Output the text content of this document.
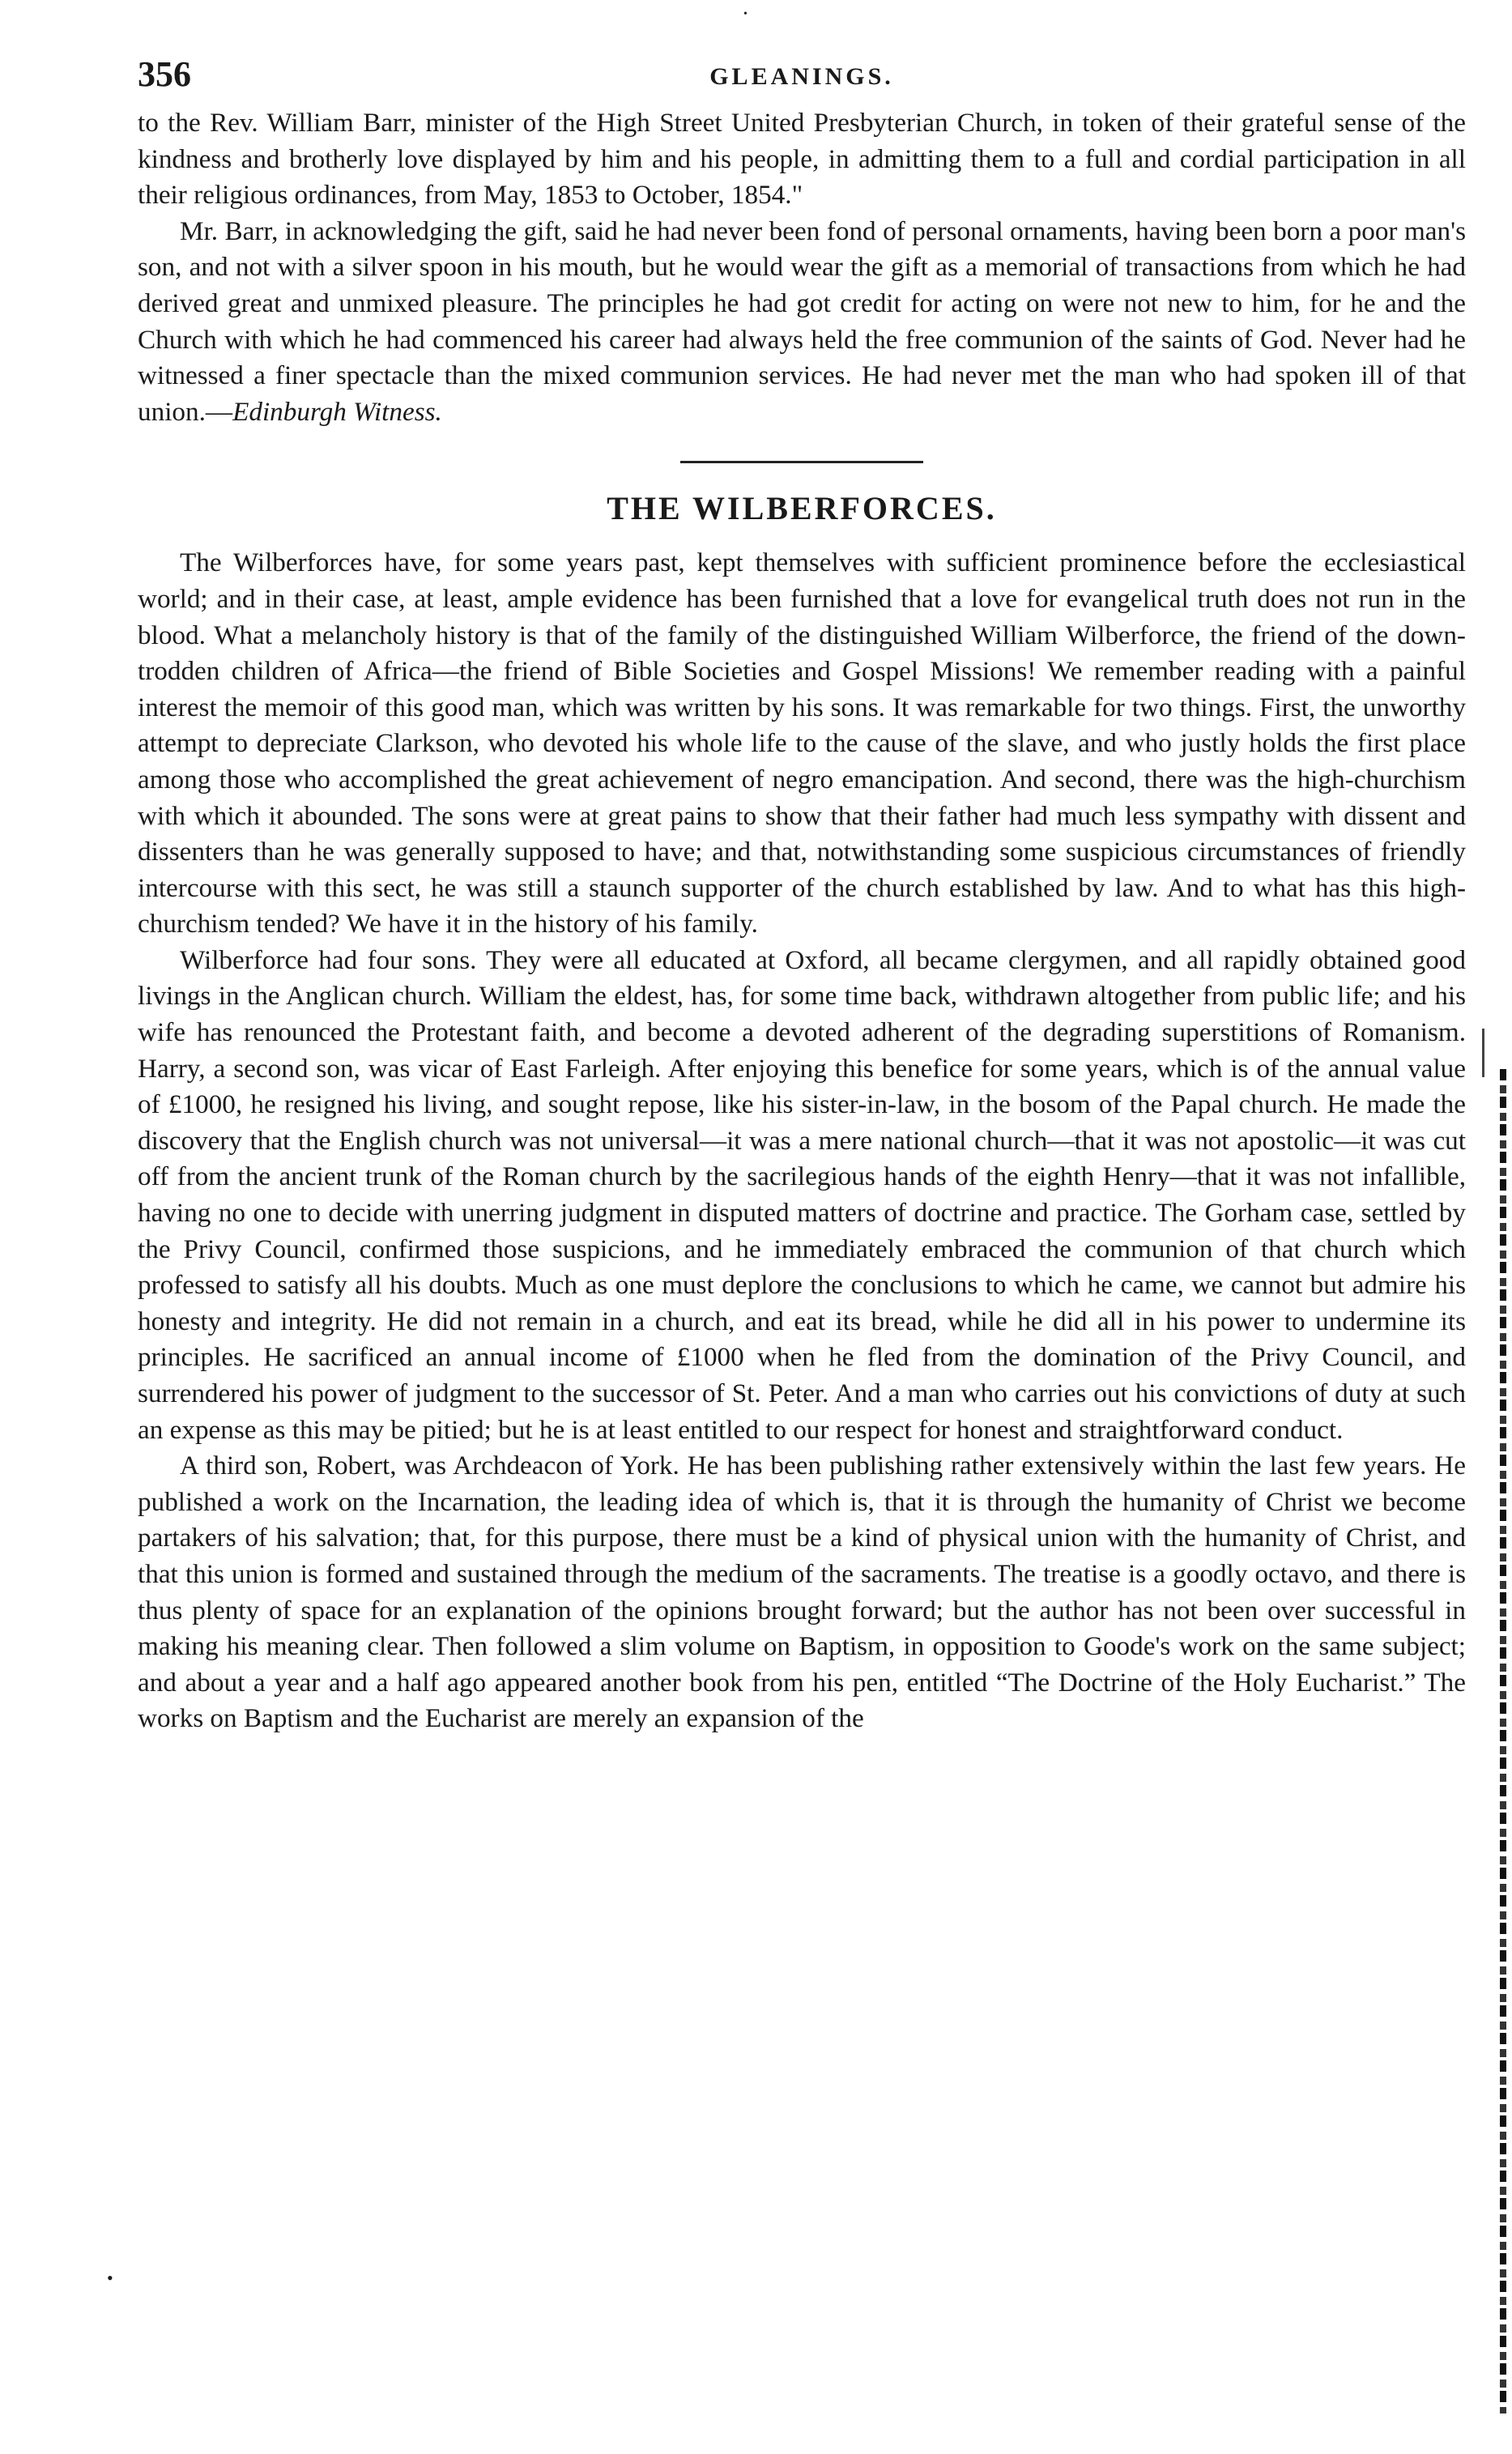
•
•
356	GLEANINGS.

to the Rev. William Barr, minister of the High Street United Presbyterian Church, in token of their grateful sense of the kindness and brotherly love displayed by him and his people, in admitting them to a full and cordial participation in all their religious ordinances, from May, 1853 to October, 1854."

Mr. Barr, in acknowledging the gift, said he had never been fond of personal ornaments, having been born a poor man's son, and not with a silver spoon in his mouth, but he would wear the gift as a memorial of transactions from which he had derived great and unmixed pleasure. The principles he had got credit for acting on were not new to him, for he and the Church with which he had commenced his career had always held the free communion of the saints of God. Never had he witnessed a finer spectacle than the mixed communion services. He had never met the man who had spoken ill of that union.—Edinburgh Witness.

THE WILBERFORCES.

The Wilberforces have, for some years past, kept themselves with sufficient prominence before the ecclesiastical world; and in their case, at least, ample evidence has been furnished that a love for evangelical truth does not run in the blood. What a melancholy history is that of the family of the distinguished William Wilberforce, the friend of the down-trodden children of Africa—the friend of Bible Societies and Gospel Missions! We remember reading with a painful interest the memoir of this good man, which was written by his sons. It was remarkable for two things. First, the unworthy attempt to depreciate Clarkson, who devoted his whole life to the cause of the slave, and who justly holds the first place among those who accomplished the great achievement of negro emancipation. And second, there was the high-churchism with which it abounded. The sons were at great pains to show that their father had much less sympathy with dissent and dissenters than he was generally supposed to have; and that, notwithstanding some suspicious circumstances of friendly intercourse with this sect, he was still a staunch supporter of the church established by law. And to what has this high-churchism tended? We have it in the history of his family.

Wilberforce had four sons. They were all educated at Oxford, all became clergymen, and all rapidly obtained good livings in the Anglican church. William the eldest, has, for some time back, withdrawn altogether from public life; and his wife has renounced the Protestant faith, and become a devoted adherent of the degrading superstitions of Romanism. Harry, a second son, was vicar of East Farleigh. After enjoying this benefice for some years, which is of the annual value of £1000, he resigned his living, and sought repose, like his sister-in-law, in the bosom of the Papal church. He made the discovery that the English church was not universal—it was a mere national church—that it was not apostolic—it was cut off from the ancient trunk of the Roman church by the sacrilegious hands of the eighth Henry—that it was not infallible, having no one to decide with unerring judgment in disputed matters of doctrine and practice. The Gorham case, settled by the Privy Council, confirmed those suspicions, and he immediately embraced the communion of that church which professed to satisfy all his doubts. Much as one must deplore the conclusions to which he came, we cannot but admire his honesty and integrity. He did not remain in a church, and eat its bread, while he did all in his power to undermine its principles. He sacrificed an annual income of £1000 when he fled from the domination of the Privy Council, and surrendered his power of judgment to the successor of St. Peter. And a man who carries out his convictions of duty at such an expense as this may be pitied; but he is at least entitled to our respect for honest and straightforward conduct.

A third son, Robert, was Archdeacon of York. He has been publishing rather extensively within the last few years. He published a work on the Incarnation, the leading idea of which is, that it is through the humanity of Christ we become partakers of his salvation; that, for this purpose, there must be a kind of physical union with the humanity of Christ, and that this union is formed and sustained through the medium of the sacraments. The treatise is a goodly octavo, and there is thus plenty of space for an explanation of the opinions brought forward; but the author has not been over successful in making his meaning clear. Then followed a slim volume on Baptism, in opposition to Goode's work on the same subject; and about a year and a half ago appeared another book from his pen, entitled “The Doctrine of the Holy Eucharist.” The works on Baptism and the Eucharist are merely an expansion of the
